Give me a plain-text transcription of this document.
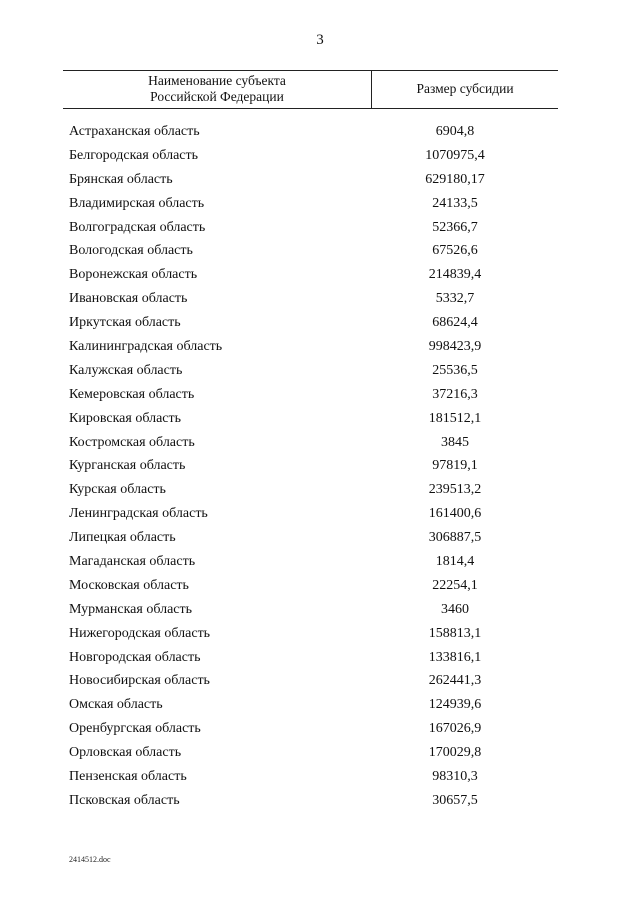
3
Наименование субъекта
Российской Федерации
Размер субсидии
Астраханская область	6904,8
Белгородская область	1070975,4
Брянская область	629180,17
Владимирская область	24133,5
Волгоградская область	52366,7
Вологодская область	67526,6
Воронежская область	214839,4
Ивановская область	5332,7
Иркутская область	68624,4
Калининградская область	998423,9
Калужская область	25536,5
Кемеровская область	37216,3
Кировская область	181512,1
Костромская область	3845
Курганская область	97819,1
Курская область	239513,2
Ленинградская область	161400,6
Липецкая область	306887,5
Магаданская область	1814,4
Московская область	22254,1
Мурманская область	3460
Нижегородская область	158813,1
Новгородская область	133816,1
Новосибирская область	262441,3
Омская область	124939,6
Оренбургская область	167026,9
Орловская область	170029,8
Пензенская область	98310,3
Псковская область	30657,5
2414512.doc
